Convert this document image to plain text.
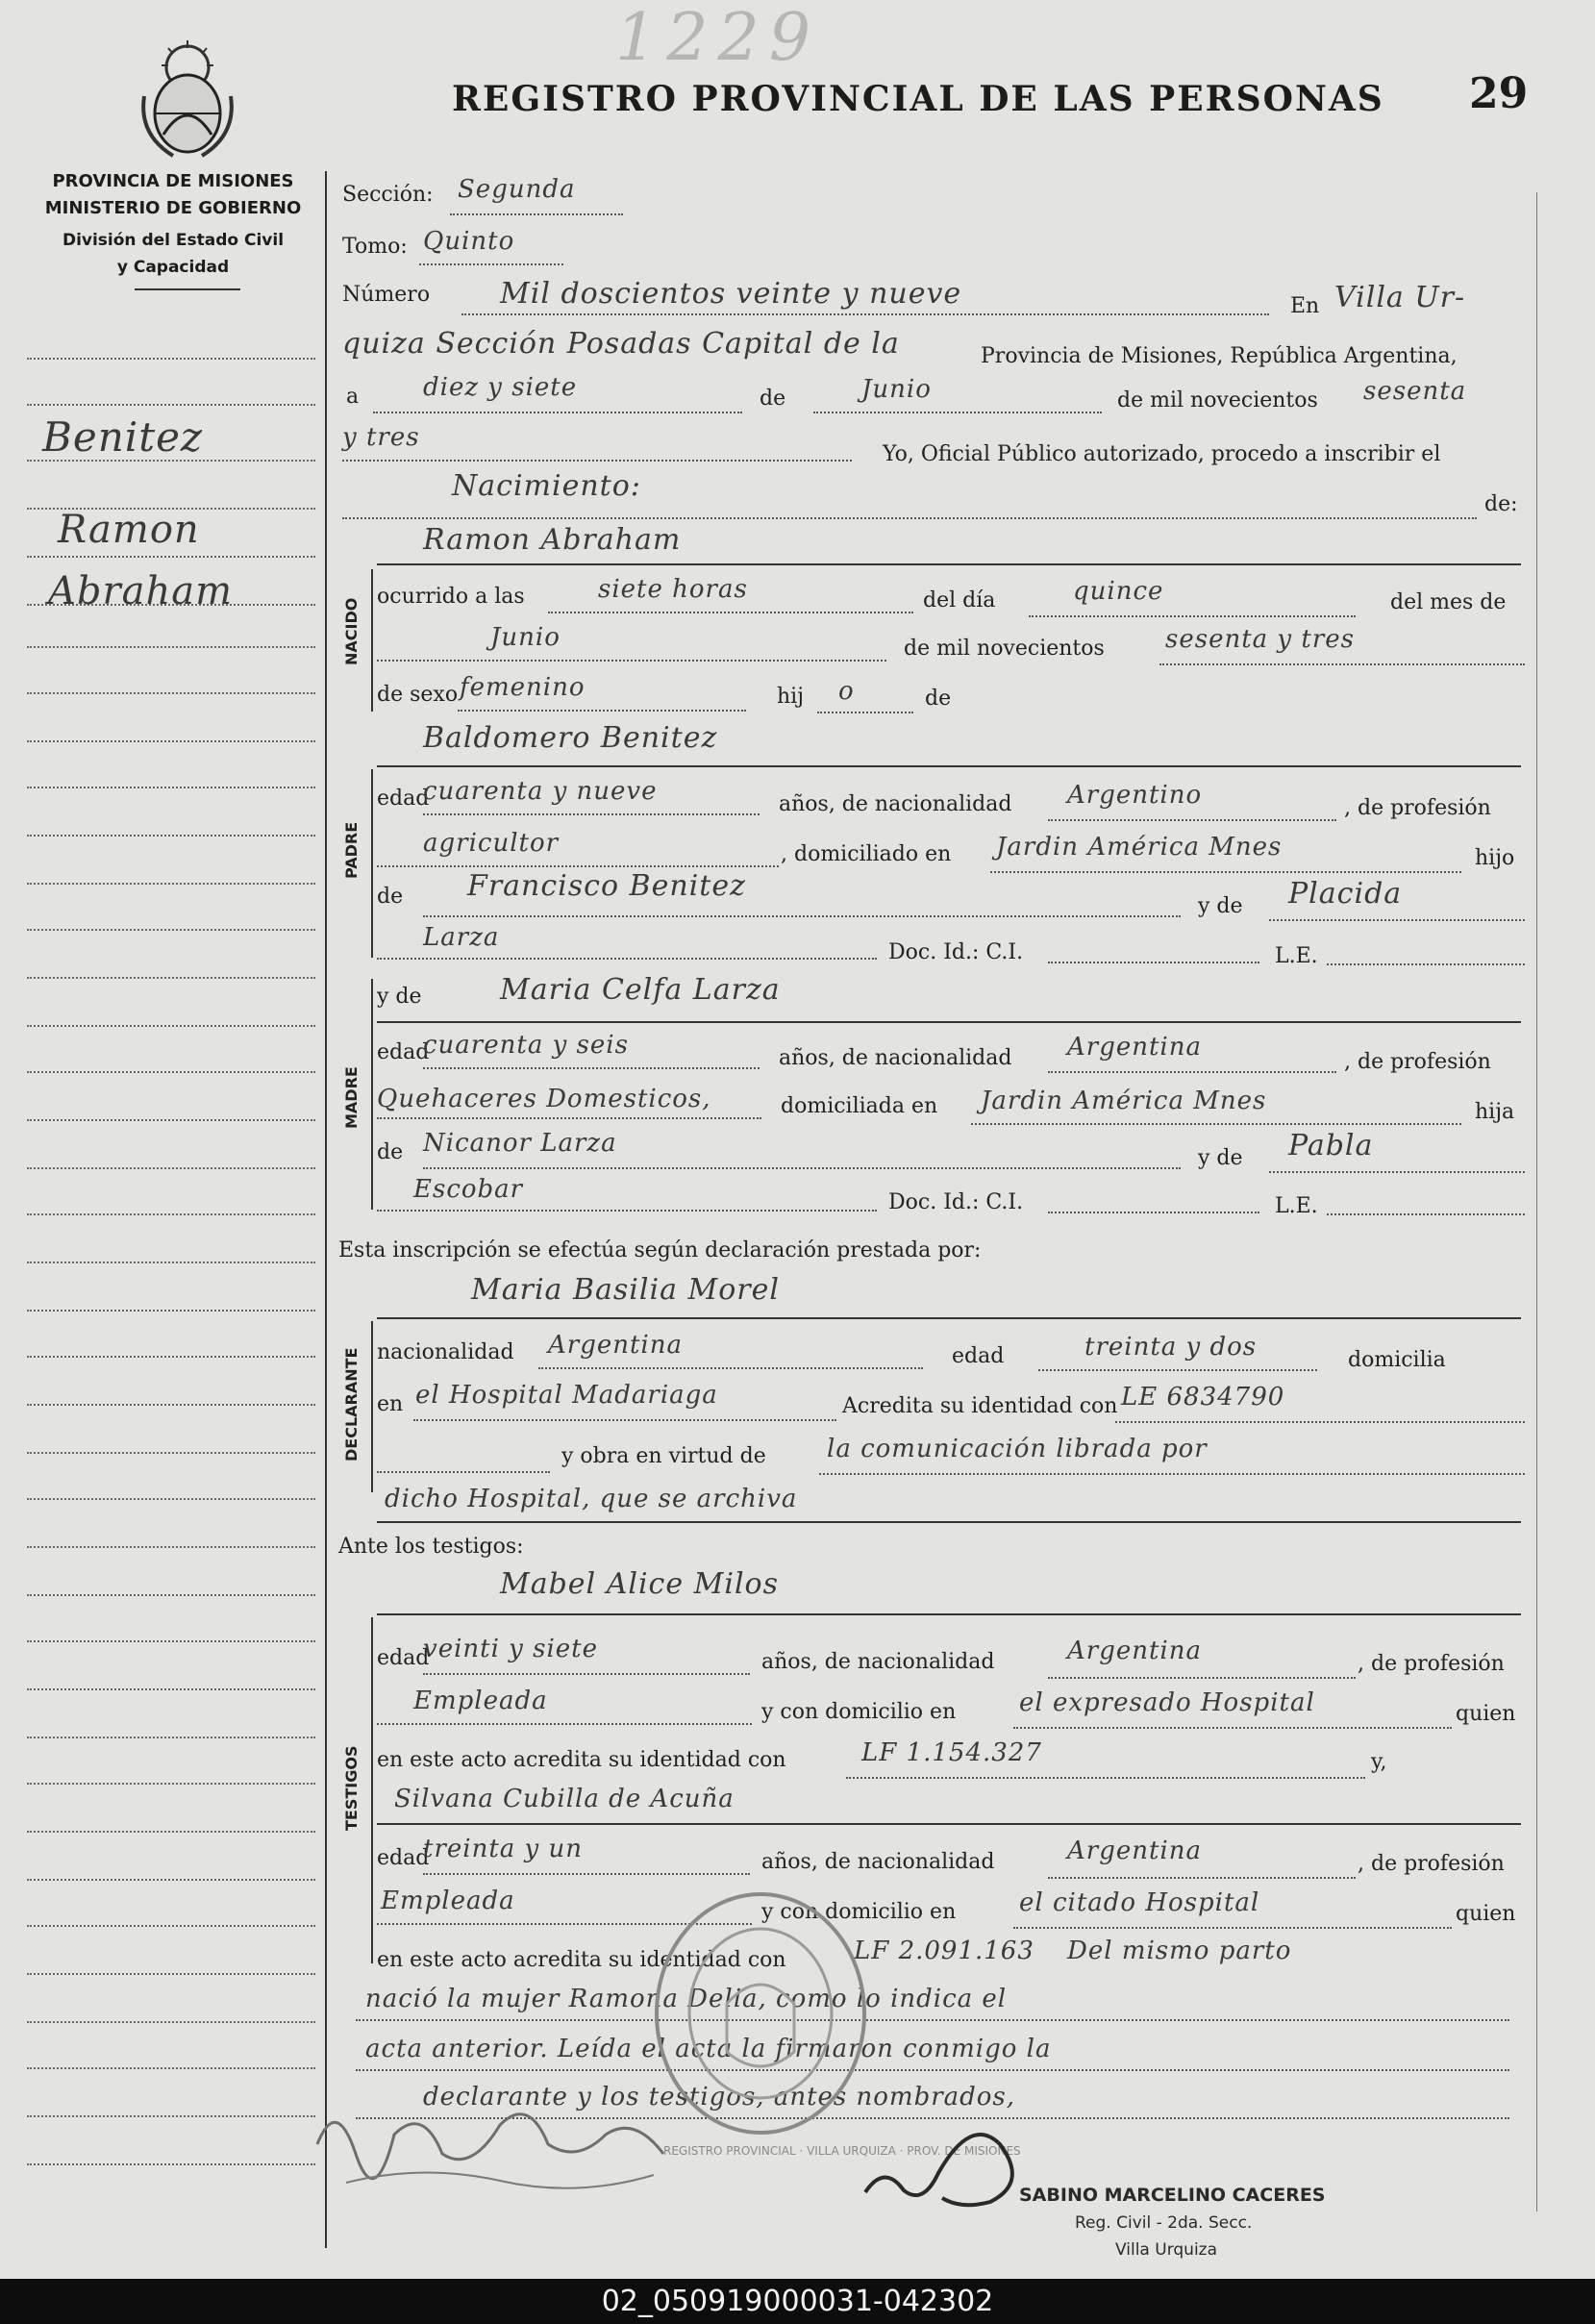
1229
REGISTRO PROVINCIAL DE LAS PERSONAS 29
PROVINCIA DE MISIONES
MINISTERIO DE GOBIERNO
División del Estado Civil
y Capacidad
Benitez
Ramon
Abraham
Sección: Segunda
Tomo: Quinto
Número Mil doscientos veinte y nueve	En Villa Ur-
quiza Sección Posadas Capital de la	Provincia de Misiones, República Argentina,
a	diez y siete	de	Junio	de mil novecientos sesenta
y tres
Yo, Oficial Público autorizado, procedo a inscribir el
Nacimiento:
de:
Ramon Abraham
NACIDO
ocurrido a las	siete horas	del día	quince	del mes de
Junio	de mil novecientos sesenta y tres
de sexo femenino	hij o	de
Baldomero Benitez
PADRE
edad
cuarenta y nueve	años, de nacionalidad Argentino	, de profesión
agricultor	, domiciliado en Jardin América Mnes	hijo
de Francisco Benitez
y de Placida
Larza
Doc. Id.: C.I.	L.E.
y de	Maria Celfa Larza
MADRE
edad
cuarenta y seis	años, de nacionalidad Argentina
, de profesión
Quehaceres Domesticos,	domiciliada en Jardin América Mnes	hija
de Nicanor Larza
y de Pabla
Escobar	Doc. Id.: C.I.	L.E.
Esta inscripción se efectúa según declaración prestada por:
Maria Basilia Morel
DECLARANTE nacionalidad Argentina	edad	treinta y dos	domicilia
en el Hospital Madariaga	Acredita su identidad con LE 6834790
y obra en virtud de la comunicación librada por
dicho Hospital, que se archiva
Ante los testigos:
Mabel Alice Milos
TESTIGOS
edad
veinti y siete	años, de nacionalidad	Argentina	, de profesión
Empleada	y con domicilio en	el expresado Hospital	quien
en este acto acredita su identidad con	LF 1.154.327	y,
Silvana Cubilla de Acuña
edad
treinta y un	años, de nacionalidad	Argentina	, de profesión
Empleada	y con domicilio en	el citado Hospital	quien
en este acto acredita su identidad con	LF 2.091.163 Del mismo parto
nació la mujer Ramona Delia, como lo indica el
acta anterior. Leída el acta la firmaron conmigo la
declarante y los testigos, antes nombrados,
REGISTRO PROVINCIAL · VILLA URQUIZA · PROV. DE MISIONES
SABINO MARCELINO CACERES
Reg. Civil - 2da. Secc.
Villa Urquiza
02_050919000031-042302
